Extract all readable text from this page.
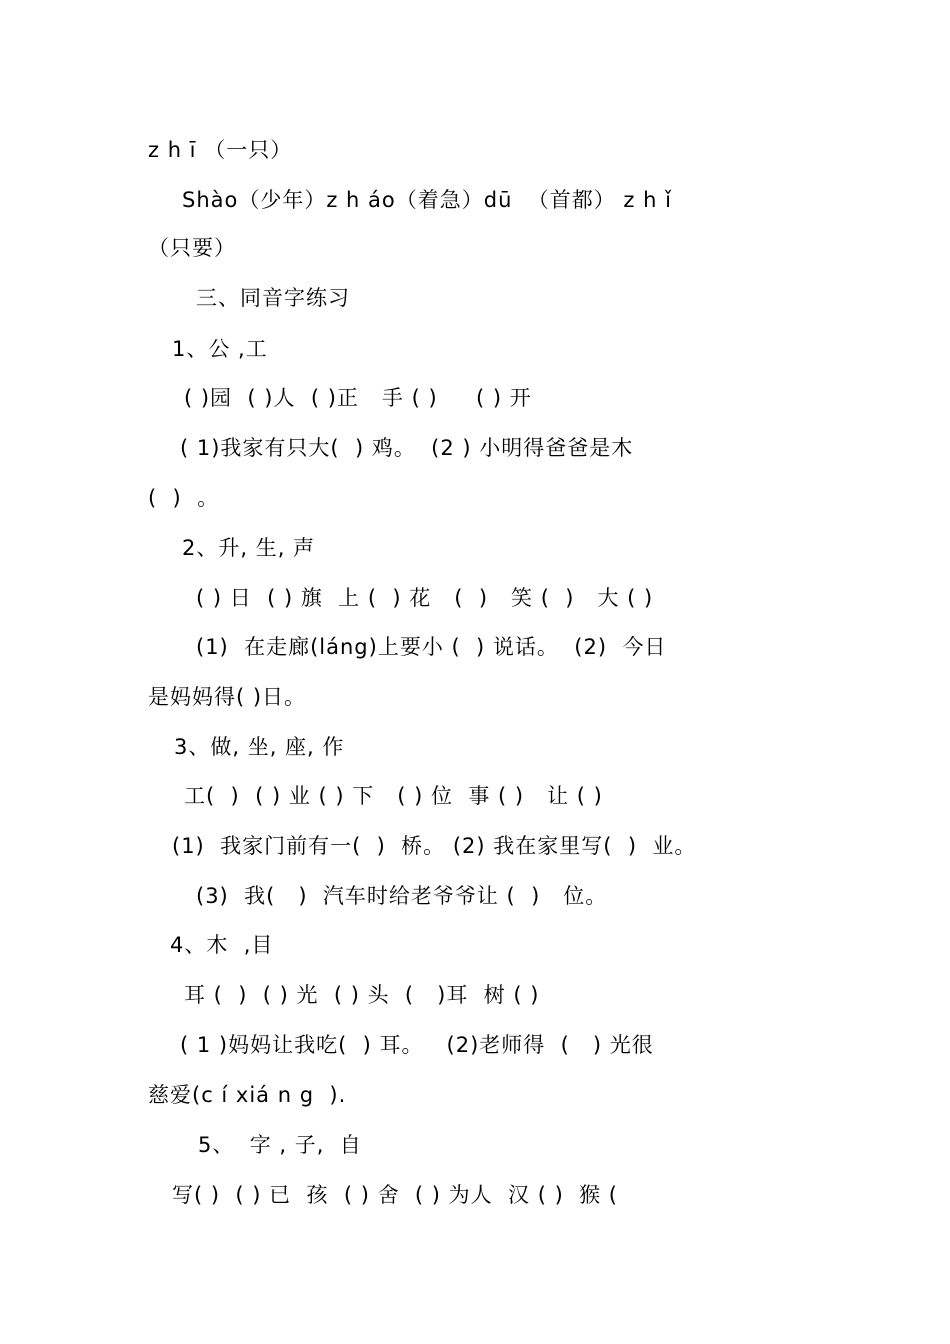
z h ī （一只）
Shào（少年）z h áo（着急）dū  （首都） z h ǐ
（只要）
三、同音字练习
1、公 ,工
( )园  ( )人  ( )正   手 ( )     ( ) 开
( 1)我家有只大(  ) 鸡。  (2 ) 小明得爸爸是木
(  )  。
2、升, 生, 声
( ) 日  ( ) 旗  上 (  ) 花   (  )   笑 (  )   大 ( )
(1)  在走廊(láng)上要小 (  ) 说话。  (2)  今日
是妈妈得( )日。
3、做, 坐, 座, 作
工(  )  ( ) 业 ( ) 下   ( ) 位  事 ( )   让 ( )
(1)  我家门前有一(  )  桥。 (2) 我在家里写(  )  业。
(3)  我(   )  汽车时给老爷爷让 (  )   位。
4、木  ,目
耳 (  )  ( ) 光  ( ) 头  (   )耳  树 ( )
( 1 )妈妈让我吃(  ) 耳。   (2)老师得  (   ) 光很
慈爱(c í xiá n g  ).
5、  字 , 子,  自
写( )  ( ) 已  孩  ( ) 舍  ( ) 为人  汉 ( )  猴 (
